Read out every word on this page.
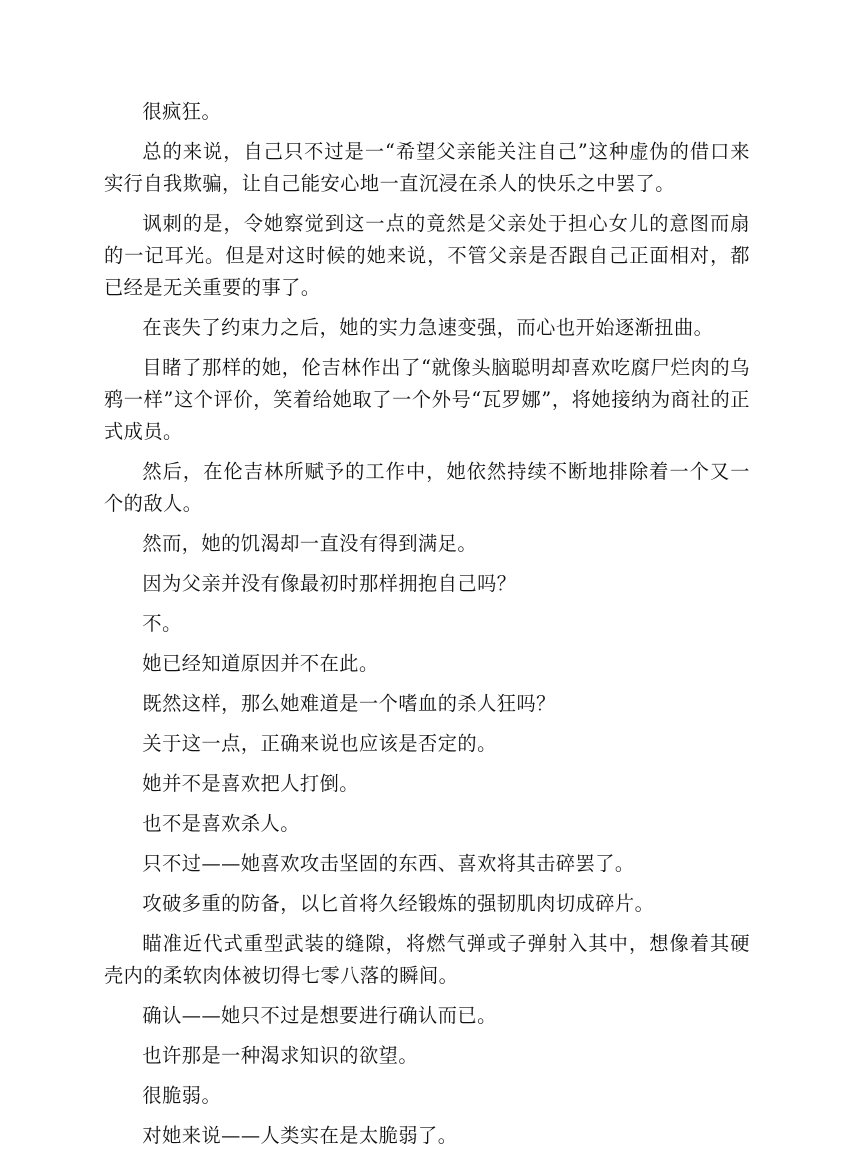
很疯狂。

总的来说，自己只不过是一“希望父亲能关注自己”这种虚伪的借口来实行自我欺骗，让自己能安心地一直沉浸在杀人的快乐之中罢了。

讽刺的是，令她察觉到这一点的竟然是父亲处于担心女儿的意图而扇的一记耳光。但是对这时候的她来说，不管父亲是否跟自己正面相对，都已经是无关重要的事了。

在丧失了约束力之后，她的实力急速变强，而心也开始逐渐扭曲。

目睹了那样的她，伦吉林作出了“就像头脑聪明却喜欢吃腐尸烂肉的乌鸦一样”这个评价，笑着给她取了一个外号“瓦罗娜”，将她接纳为商社的正式成员。

然后，在伦吉林所赋予的工作中，她依然持续不断地排除着一个又一个的敌人。

然而，她的饥渴却一直没有得到满足。

因为父亲并没有像最初时那样拥抱自己吗？

不。

她已经知道原因并不在此。

既然这样，那么她难道是一个嗜血的杀人狂吗？

关于这一点，正确来说也应该是否定的。

她并不是喜欢把人打倒。

也不是喜欢杀人。

只不过——她喜欢攻击坚固的东西、喜欢将其击碎罢了。

攻破多重的防备，以匕首将久经锻炼的强韧肌肉切成碎片。

瞄准近代式重型武装的缝隙，将燃气弹或子弹射入其中，想像着其硬壳内的柔软肉体被切得七零八落的瞬间。

确认——她只不过是想要进行确认而已。

也许那是一种渴求知识的欲望。

很脆弱。

对她来说——人类实在是太脆弱了。
